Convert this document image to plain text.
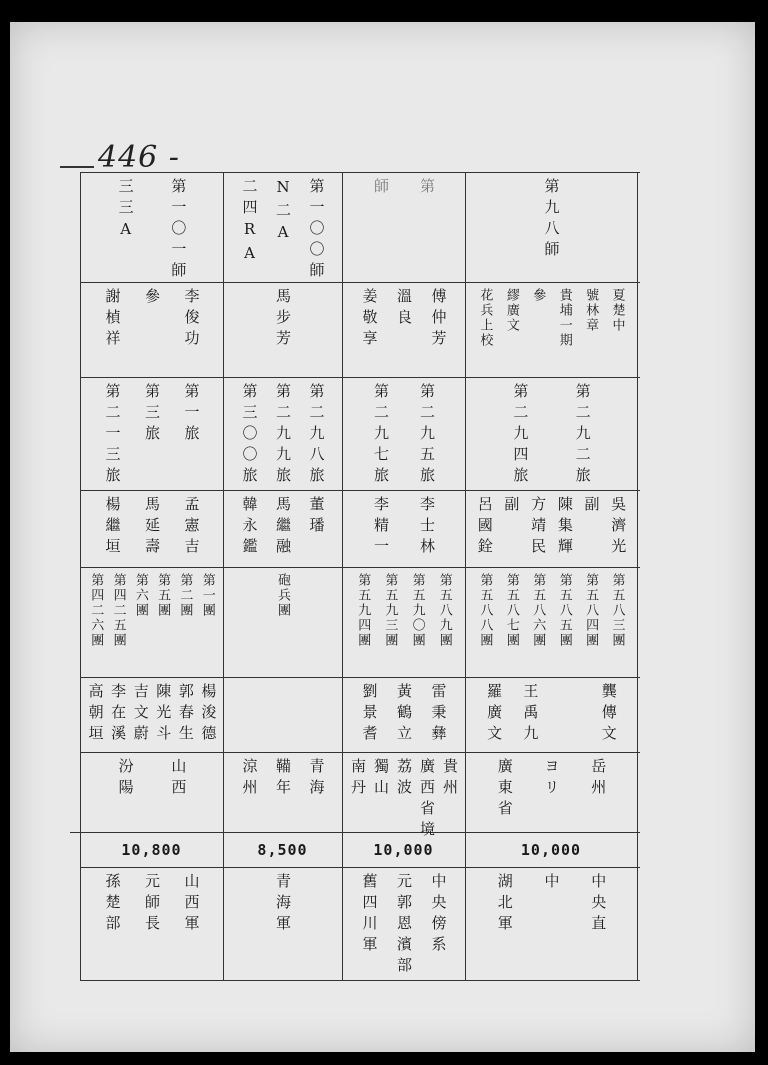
446 -
第九八師
夏楚中
號林章
貴埔一期
參
繆廣文
花兵上校
第二九二旅
第二九四旅
吳濟光
副
陳集輝
方靖民
副
呂國銓
第五八三團
第五八四團
第五八五團
第五八六團
第五八七團
第五八八團
龔傳文
王禹九
羅廣文
岳州
ヨリ
廣東省
10,000
中央直
中
湖北軍
第
師
傅仲芳
溫良
姜敬享
第二九五旅
第二九七旅
李士林
李精一
第五八九團
第五九〇團
第五九三團
第五九四團
雷秉彝
黃鶴立
劉景耆
貴州
廣西省境
荔波
獨山
南丹
10,000
中央傍系
元郭恩濱部
舊四川軍
第一〇〇師
N二A
二四RA
馬步芳
第二九八旅
第二九九旅
第三〇〇旅
董璠
馬繼融
韓永鑑
砲兵團
青海
鞴年
涼州
8,500
青海軍
第一〇一師
三三A
李俊功
參
謝楨祥
第一旅
第三旅
第二一三旅
孟憲吉
馬延壽
楊繼垣
第一團
第二團
第五團
第六團
第四二五團
第四二六團
楊浚德
郭春生
陳光斗
吉文蔚
李在溪
高朝垣
山西
汾陽
10,800
山西軍
元師長
孫楚部
